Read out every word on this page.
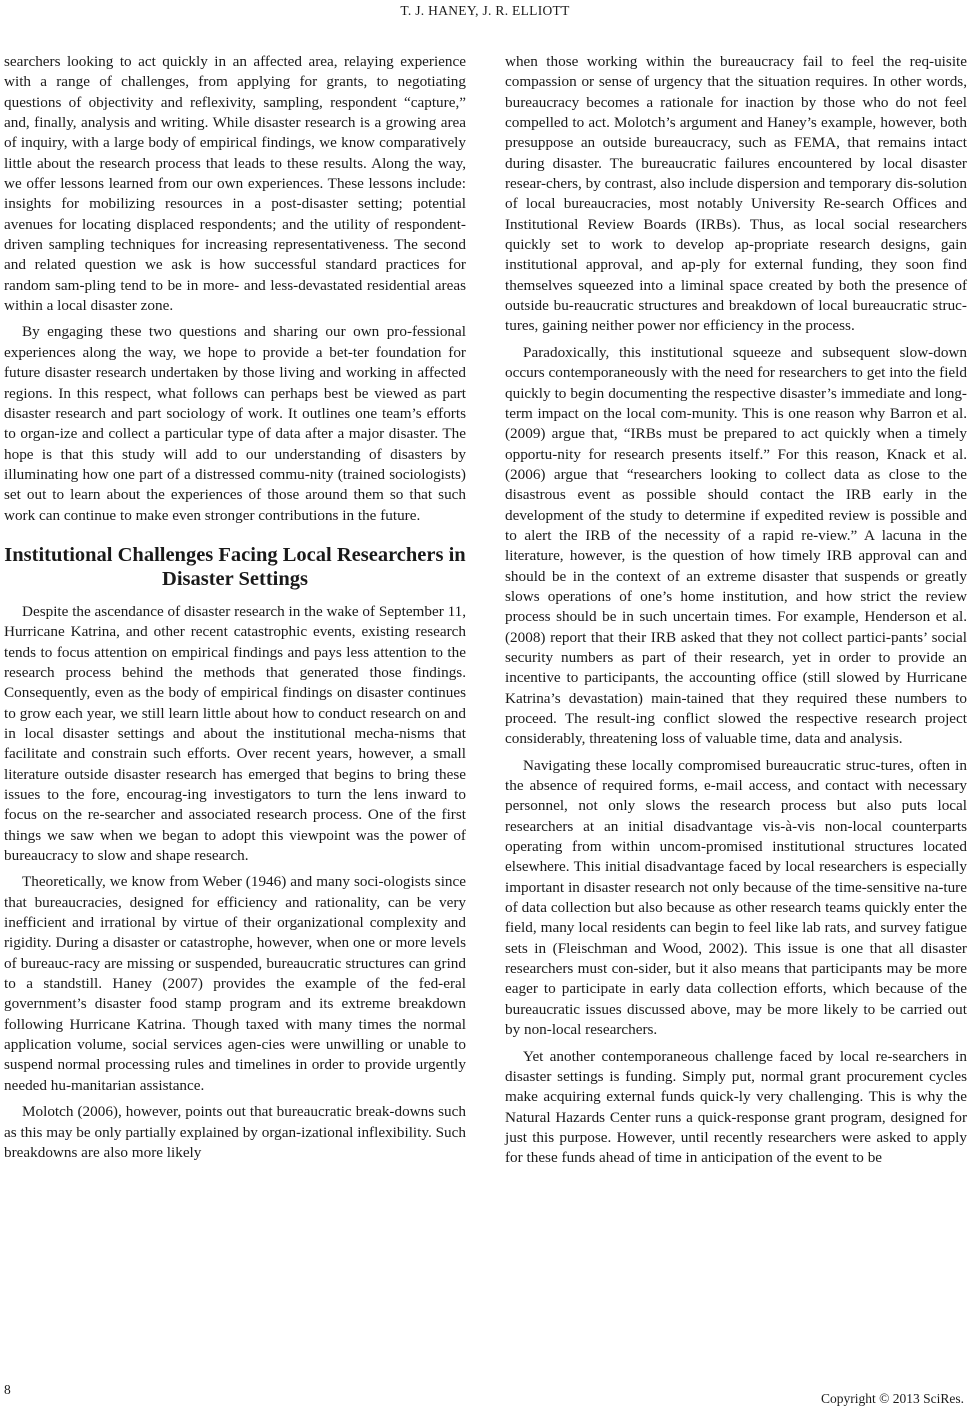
T. J. HANEY, J. R. ELLIOTT

searchers looking to act quickly in an affected area, relaying experience with a range of challenges, from applying for grants, to negotiating questions of objectivity and reflexivity, sampling, respondent “capture,” and, finally, analysis and writing. While disaster research is a growing area of inquiry, with a large body of empirical findings, we know comparatively little about the research process that leads to these results. Along the way, we offer lessons learned from our own experiences. These lessons include: insights for mobilizing resources in a post-disaster setting; potential avenues for locating displaced respondents; and the utility of respondent-driven sampling techniques for increasing representativeness. The second and related question we ask is how successful standard practices for random sam-pling tend to be in more- and less-devastated residential areas within a local disaster zone.

By engaging these two questions and sharing our own pro-fessional experiences along the way, we hope to provide a bet-ter foundation for future disaster research undertaken by those living and working in affected regions. In this respect, what follows can perhaps best be viewed as part disaster research and part sociology of work. It outlines one team’s efforts to organ-ize and collect a particular type of data after a major disaster. The hope is that this study will add to our understanding of disasters by illuminating how one part of a distressed commu-nity (trained sociologists) set out to learn about the experiences of those around them so that such work can continue to make even stronger contributions in the future.

Institutional Challenges Facing Local Researchers in Disaster Settings

Despite the ascendance of disaster research in the wake of September 11, Hurricane Katrina, and other recent catastrophic events, existing research tends to focus attention on empirical findings and pays less attention to the research process behind the methods that generated those findings. Consequently, even as the body of empirical findings on disaster continues to grow each year, we still learn little about how to conduct research on and in local disaster settings and about the institutional mecha-nisms that facilitate and constrain such efforts. Over recent years, however, a small literature outside disaster research has emerged that begins to bring these issues to the fore, encourag-ing investigators to turn the lens inward to focus on the re-searcher and associated research process. One of the first things we saw when we began to adopt this viewpoint was the power of bureaucracy to slow and shape research.

Theoretically, we know from Weber (1946) and many soci-ologists since that bureaucracies, designed for efficiency and rationality, can be very inefficient and irrational by virtue of their organizational complexity and rigidity. During a disaster or catastrophe, however, when one or more levels of bureauc-racy are missing or suspended, bureaucratic structures can grind to a standstill. Haney (2007) provides the example of the fed-eral government’s disaster food stamp program and its extreme breakdown following Hurricane Katrina. Though taxed with many times the normal application volume, social services agen-cies were unwilling or unable to suspend normal processing rules and timelines in order to provide urgently needed hu-manitarian assistance.

Molotch (2006), however, points out that bureaucratic break-downs such as this may be only partially explained by organ-izational inflexibility. Such breakdowns are also more likely

when those working within the bureaucracy fail to feel the req-uisite compassion or sense of urgency that the situation requires. In other words, bureaucracy becomes a rationale for inaction by those who do not feel compelled to act. Molotch’s argument and Haney’s example, however, both presuppose an outside bureaucracy, such as FEMA, that remains intact during disaster. The bureaucratic failures encountered by local disaster resear-chers, by contrast, also include dispersion and temporary dis-solution of local bureaucracies, most notably University Re-search Offices and Institutional Review Boards (IRBs). Thus, as local social researchers quickly set to work to develop ap-propriate research designs, gain institutional approval, and ap-ply for external funding, they soon find themselves squeezed into a liminal space created by both the presence of outside bu-reaucratic structures and breakdown of local bureaucratic struc-tures, gaining neither power nor efficiency in the process.

Paradoxically, this institutional squeeze and subsequent slow-down occurs contemporaneously with the need for researchers to get into the field quickly to begin documenting the respective disaster’s immediate and long-term impact on the local com-munity. This is one reason why Barron et al. (2009) argue that, “IRBs must be prepared to act quickly when a timely opportu-nity for research presents itself.” For this reason, Knack et al. (2006) argue that “researchers looking to collect data as close to the disastrous event as possible should contact the IRB early in the development of the study to determine if expedited review is possible and to alert the IRB of the necessity of a rapid re-view.” A lacuna in the literature, however, is the question of how timely IRB approval can and should be in the context of an extreme disaster that suspends or greatly slows operations of one’s home institution, and how strict the review process should be in such uncertain times. For example, Henderson et al. (2008) report that their IRB asked that they not collect partici-pants’ social security numbers as part of their research, yet in order to provide an incentive to participants, the accounting office (still slowed by Hurricane Katrina’s devastation) main-tained that they required these numbers to proceed. The result-ing conflict slowed the respective research project considerably, threatening loss of valuable time, data and analysis.

Navigating these locally compromised bureaucratic struc-tures, often in the absence of required forms, e-mail access, and contact with necessary personnel, not only slows the research process but also puts local researchers at an initial disadvantage vis-à-vis non-local counterparts operating from within uncom-promised institutional structures located elsewhere. This initial disadvantage faced by local researchers is especially important in disaster research not only because of the time-sensitive na-ture of data collection but also because as other research teams quickly enter the field, many local residents can begin to feel like lab rats, and survey fatigue sets in (Fleischman and Wood, 2002). This issue is one that all disaster researchers must con-sider, but it also means that participants may be more eager to participate in early data collection efforts, which because of the bureaucratic issues discussed above, may be more likely to be carried out by non-local researchers.

Yet another contemporaneous challenge faced by local re-searchers in disaster settings is funding. Simply put, normal grant procurement cycles make acquiring external funds quick-ly very challenging. This is why the Natural Hazards Center runs a quick-response grant program, designed for just this purpose. However, until recently researchers were asked to apply for these funds ahead of time in anticipation of the event to be

8
Copyright © 2013 SciRes.
